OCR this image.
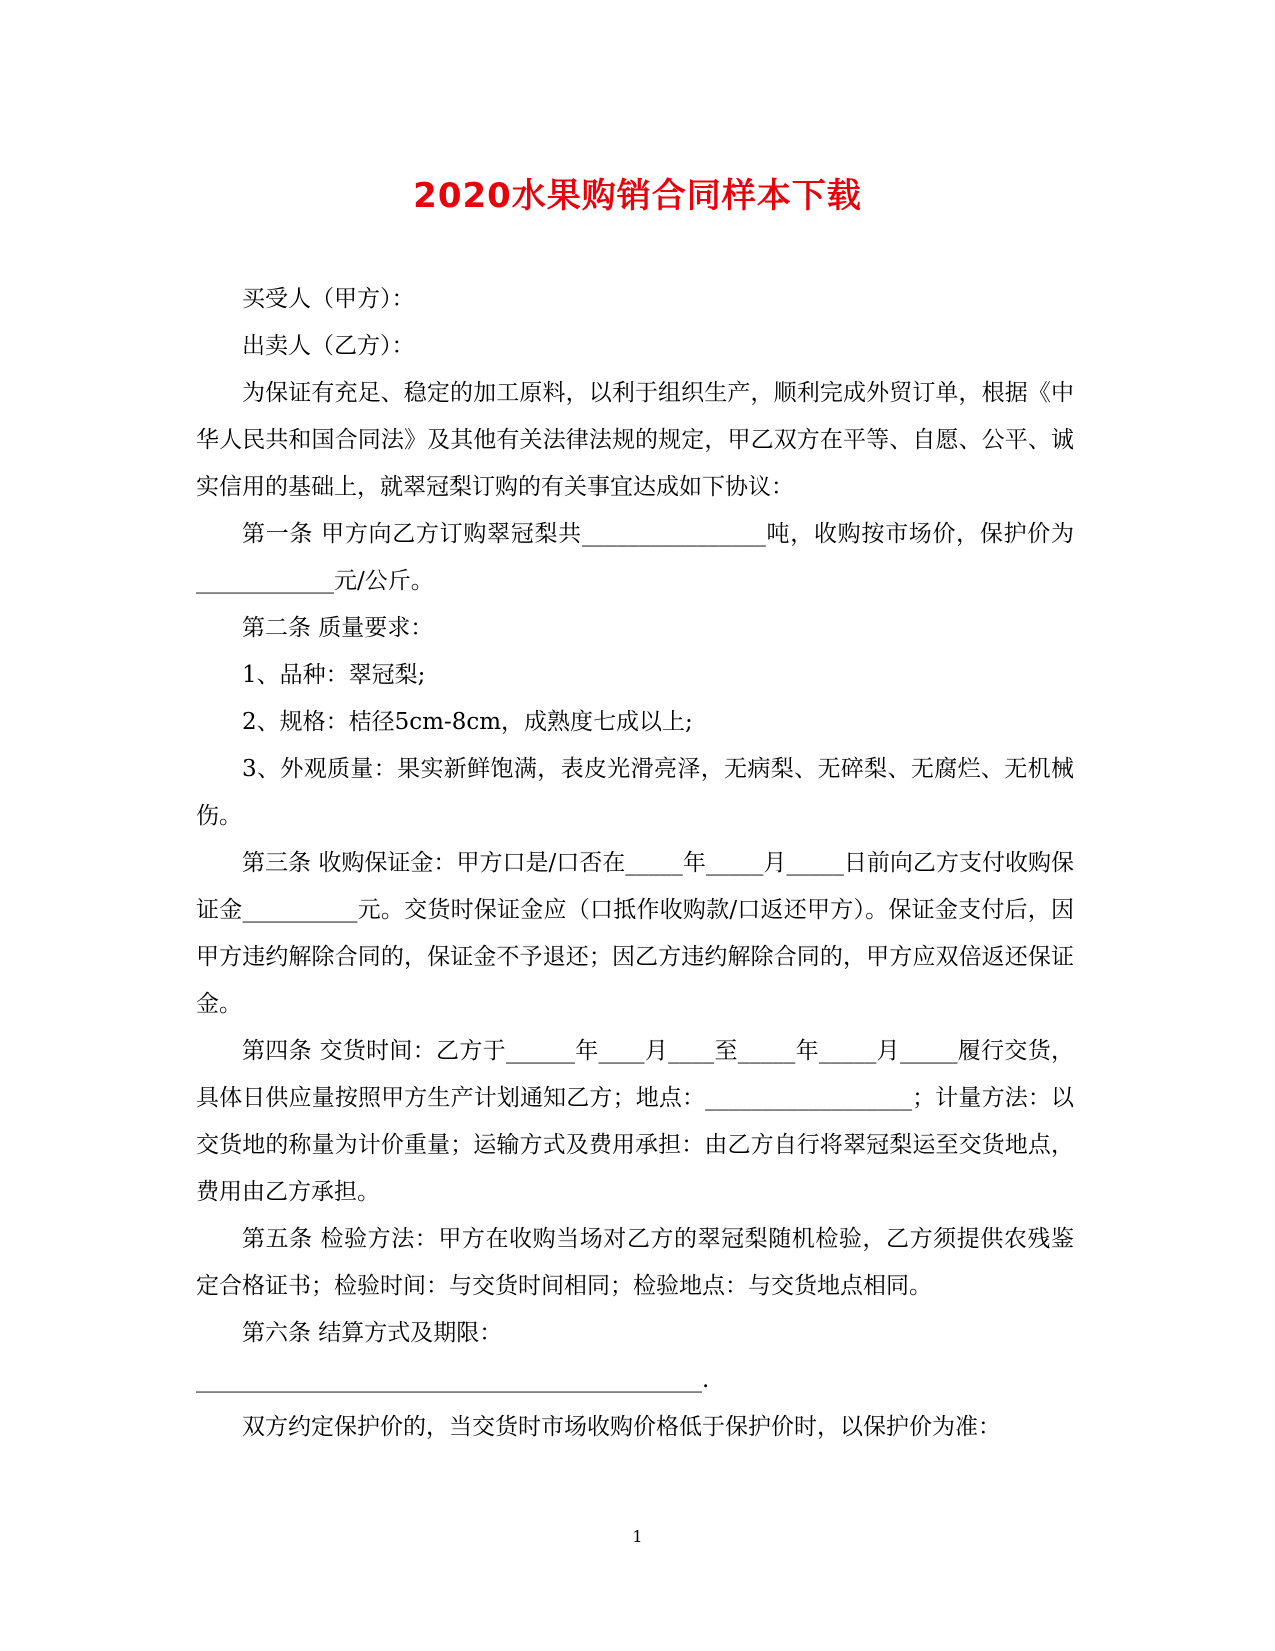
2020水果购销合同样本下载

买受人（甲方）：

出卖人（乙方）：

为保证有充足、稳定的加工原料，以利于组织生产，顺利完成外贸订单，根据《中华人民共和国合同法》及其他有关法律法规的规定，甲乙双方在平等、自愿、公平、诚实信用的基础上，就翠冠梨订购的有关事宜达成如下协议：

第一条 甲方向乙方订购翠冠梨共________________吨，收购按市场价，保护价为____________元/公斤。

第二条 质量要求：

1、品种：翠冠梨;

2、规格：桔径5cm-8cm，成熟度七成以上;

3、外观质量：果实新鲜饱满，表皮光滑亮泽，无病梨、无碎梨、无腐烂、无机械伤。

第三条 收购保证金：甲方口是/口否在_____年_____月_____日前向乙方支付收购保证金__________元。交货时保证金应（口抵作收购款/口返还甲方）。保证金支付后，因甲方违约解除合同的，保证金不予退还；因乙方违约解除合同的，甲方应双倍返还保证金。

第四条 交货时间：乙方于______年____月____至_____年_____月_____履行交货，具体日供应量按照甲方生产计划通知乙方；地点：__________________；计量方法：以交货地的称量为计价重量；运输方式及费用承担：由乙方自行将翠冠梨运至交货地点，费用由乙方承担。

第五条 检验方法：甲方在收购当场对乙方的翠冠梨随机检验，乙方须提供农残鉴定合格证书；检验时间：与交货时间相同；检验地点：与交货地点相同。

第六条 结算方式及期限：

____________________________________________.

双方约定保护价的，当交货时市场收购价格低于保护价时，以保护价为准：

1
